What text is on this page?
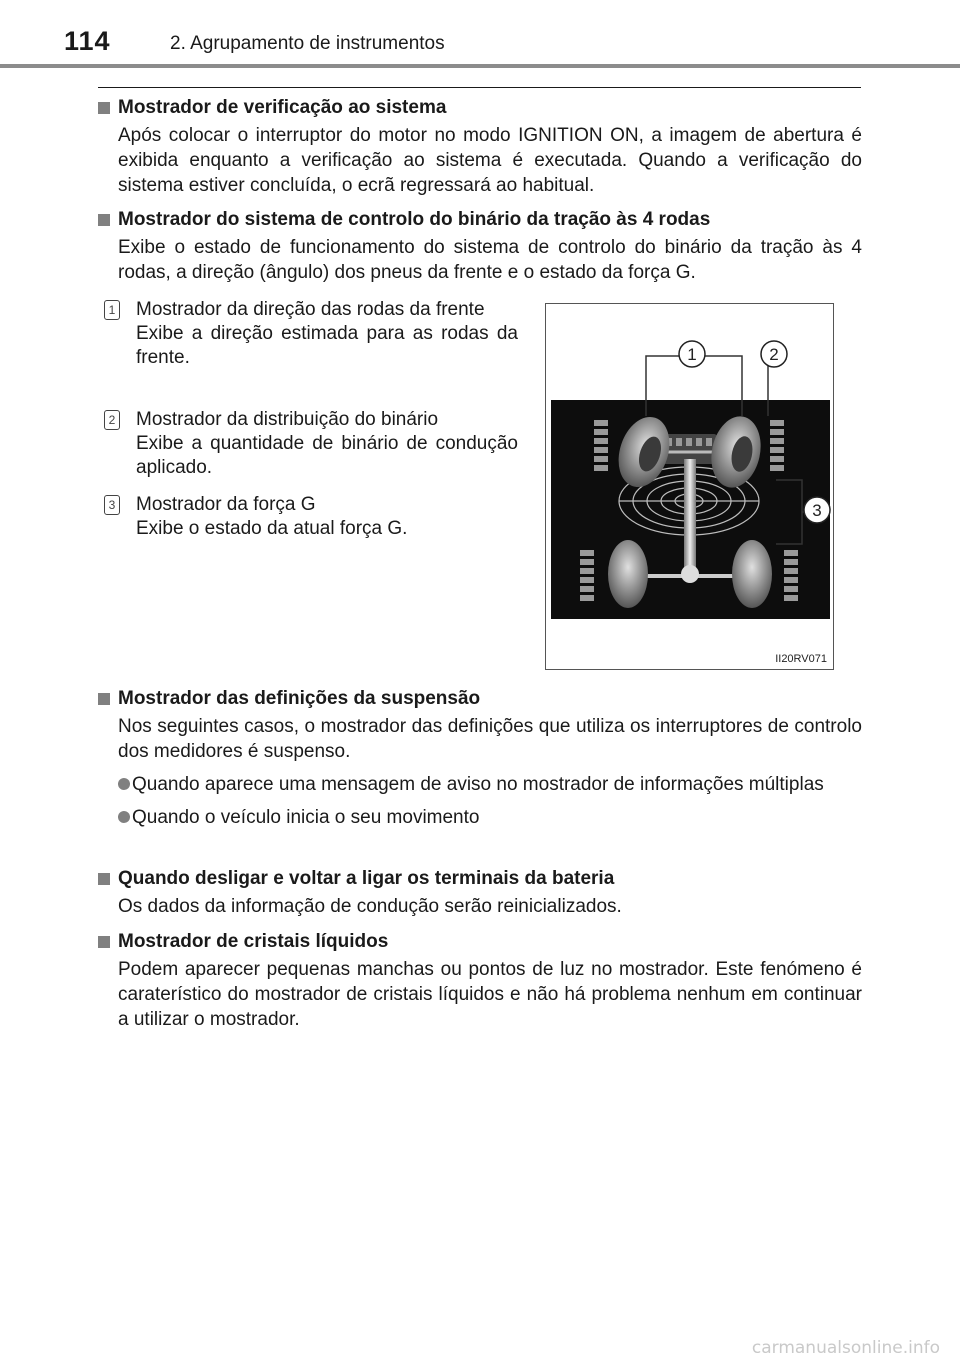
114	2. Agrupamento de instrumentos
Mostrador de verificação ao sistema
Após colocar o interruptor do motor no modo IGNITION ON, a imagem de abertura é exibida enquanto a verificação ao sistema é executada. Quando a verificação do sistema estiver concluída, o ecrã regressará ao habitual.
Mostrador do sistema de controlo do binário da tração às 4 rodas
Exibe o estado de funcionamento do sistema de controlo do binário da tração às 4 rodas, a direção (ângulo) dos pneus da frente e o estado da força G.
1 Mostrador da direção das rodas da frente
Exibe a direção estimada para as rodas da frente.
2 Mostrador da distribuição do binário
Exibe a quantidade de binário de condução aplicado.
3 Mostrador da força G
Exibe o estado da atual força G.
1	2
3
II20RV071
Mostrador das definições da suspensão
Nos seguintes casos, o mostrador das definições que utiliza os interruptores de controlo dos medidores é suspenso.
Quando aparece uma mensagem de aviso no mostrador de informações múltiplas
Quando o veículo inicia o seu movimento
Quando desligar e voltar a ligar os terminais da bateria
Os dados da informação de condução serão reinicializados.
Mostrador de cristais líquidos
Podem aparecer pequenas manchas ou pontos de luz no mostrador. Este fenómeno é caraterístico do mostrador de cristais líquidos e não há problema nenhum em continuar a utilizar o mostrador.
carmanualsonline.info
